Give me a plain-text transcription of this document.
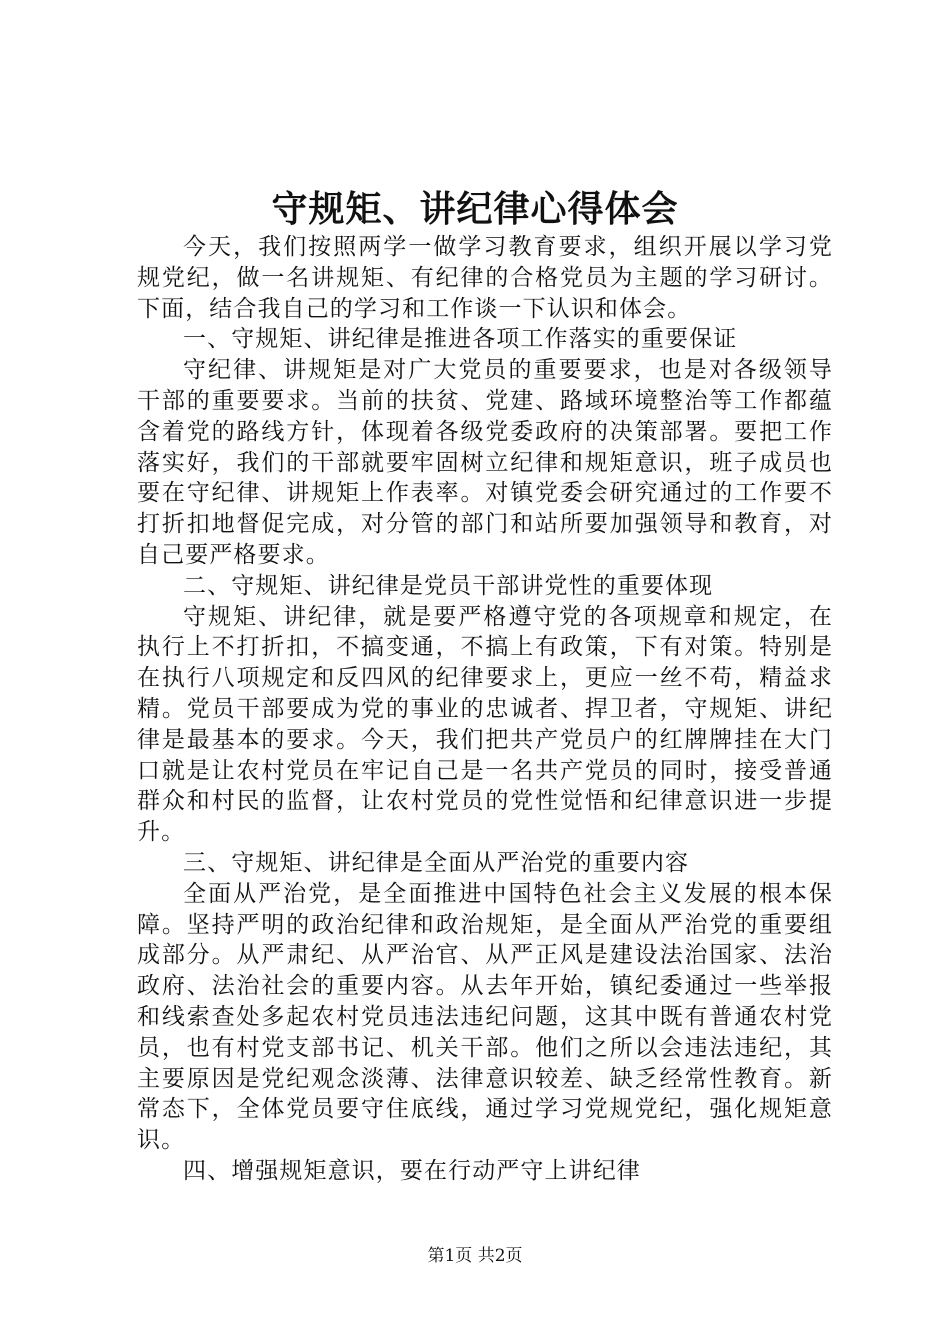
守规矩、讲纪律心得体会

今天，我们按照两学一做学习教育要求，组织开展以学习党规党纪，做一名讲规矩、有纪律的合格党员为主题的学习研讨。下面，结合我自己的学习和工作谈一下认识和体会。

一、守规矩、讲纪律是推进各项工作落实的重要保证

守纪律、讲规矩是对广大党员的重要要求，也是对各级领导干部的重要要求。当前的扶贫、党建、路域环境整治等工作都蕴含着党的路线方针，体现着各级党委政府的决策部署。要把工作落实好，我们的干部就要牢固树立纪律和规矩意识，班子成员也要在守纪律、讲规矩上作表率。对镇党委会研究通过的工作要不打折扣地督促完成，对分管的部门和站所要加强领导和教育，对自己要严格要求。

二、守规矩、讲纪律是党员干部讲党性的重要体现

守规矩、讲纪律，就是要严格遵守党的各项规章和规定，在执行上不打折扣，不搞变通，不搞上有政策，下有对策。特别是在执行八项规定和反四风的纪律要求上，更应一丝不苟，精益求精。党员干部要成为党的事业的忠诚者、捍卫者，守规矩、讲纪律是最基本的要求。今天，我们把共产党员户的红牌牌挂在大门口就是让农村党员在牢记自己是一名共产党员的同时，接受普通群众和村民的监督，让农村党员的党性觉悟和纪律意识进一步提升。

三、守规矩、讲纪律是全面从严治党的重要内容

全面从严治党，是全面推进中国特色社会主义发展的根本保障。坚持严明的政治纪律和政治规矩，是全面从严治党的重要组成部分。从严肃纪、从严治官、从严正风是建设法治国家、法治政府、法治社会的重要内容。从去年开始，镇纪委通过一些举报和线索查处多起农村党员违法违纪问题，这其中既有普通农村党员，也有村党支部书记、机关干部。他们之所以会违法违纪，其主要原因是党纪观念淡薄、法律意识较差、缺乏经常性教育。新常态下，全体党员要守住底线，通过学习党规党纪，强化规矩意识。

四、增强规矩意识，要在行动严守上讲纪律

第1页 共2页
